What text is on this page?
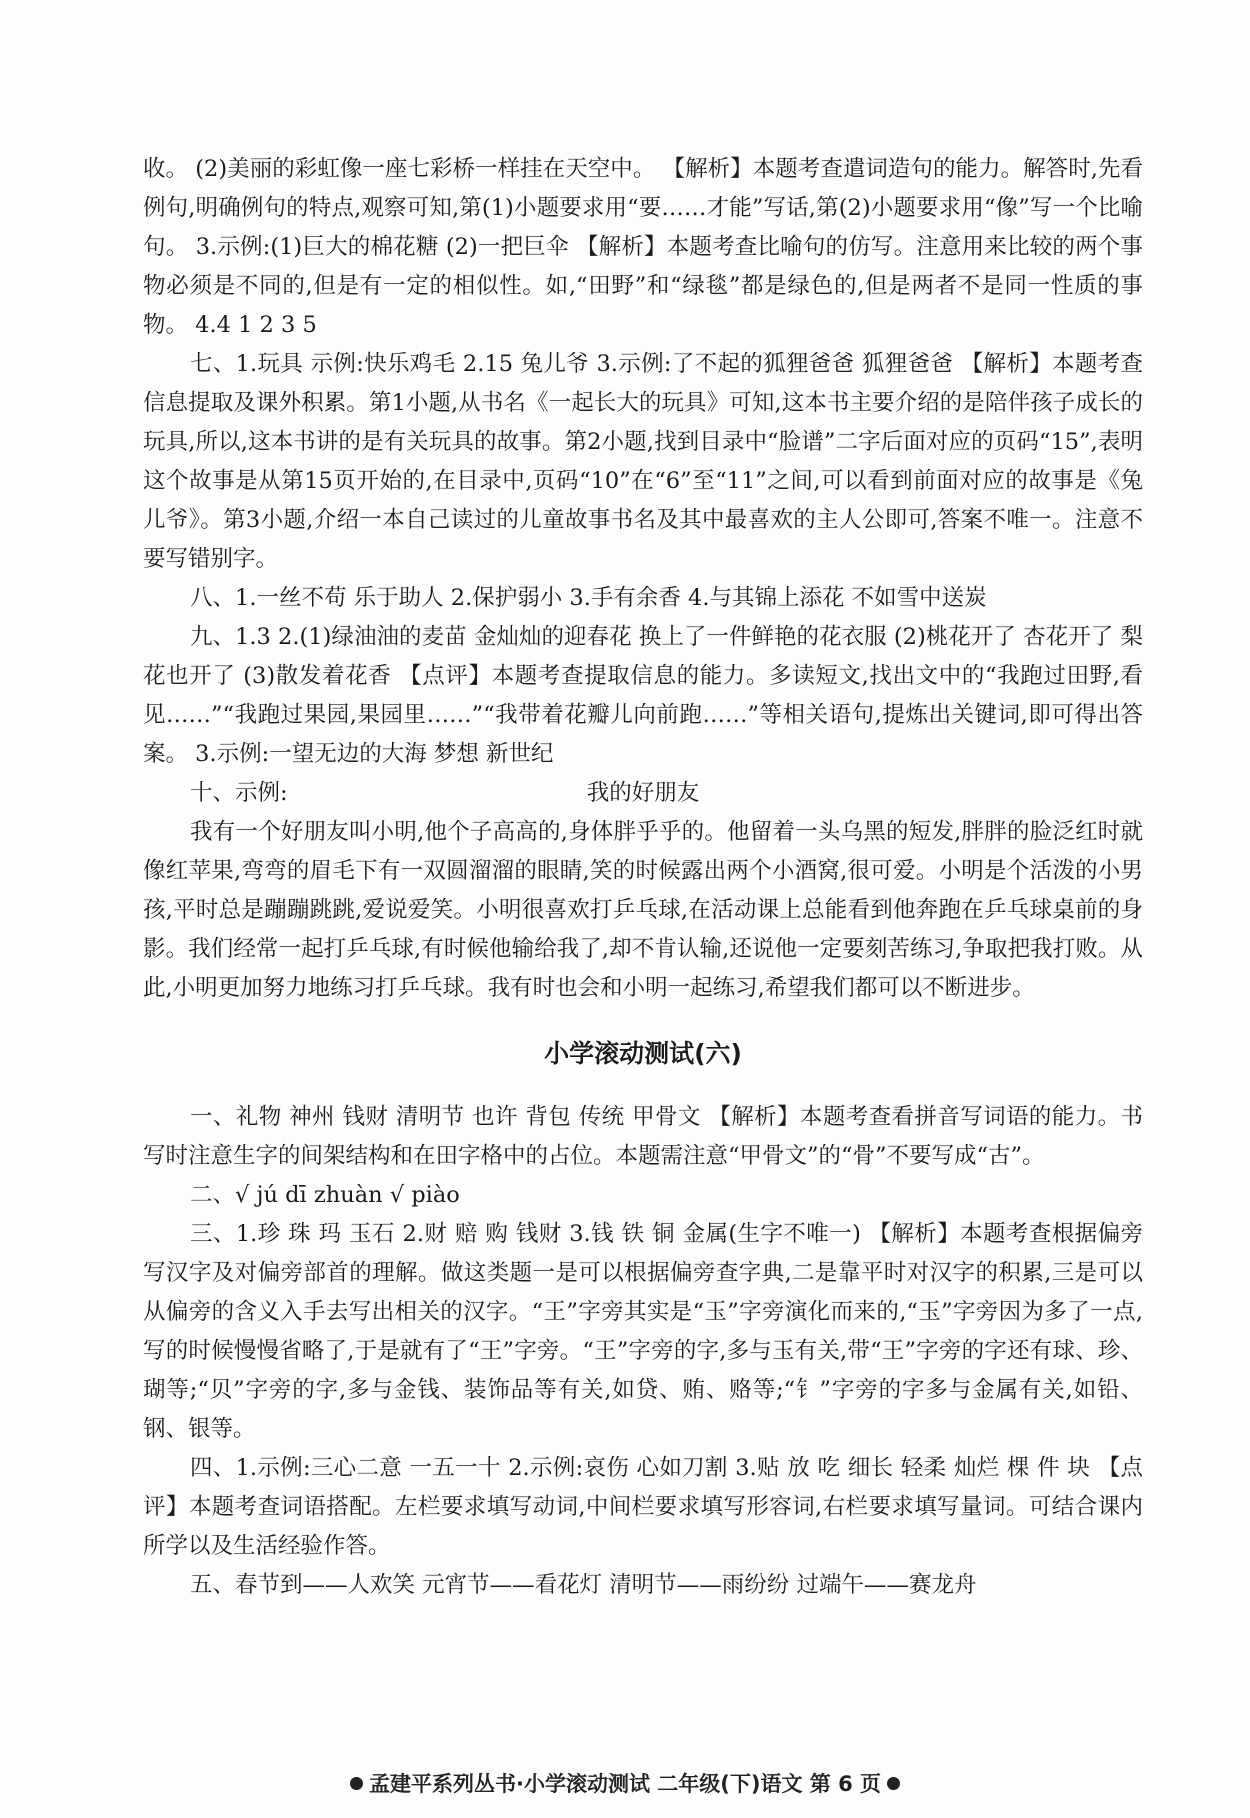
收。 (2)美丽的彩虹像一座七彩桥一样挂在天空中。 【解析】本题考查遣词造句的能力。解答时,先看例句,明确例句的特点,观察可知,第(1)小题要求用“要……才能”写话,第(2)小题要求用“像”写一个比喻句。 3.示例:(1)巨大的棉花糖 (2)一把巨伞 【解析】本题考查比喻句的仿写。注意用来比较的两个事物必须是不同的,但是有一定的相似性。如,“田野”和“绿毯”都是绿色的,但是两者不是同一性质的事物。 4.4 1 2 3 5

七、1.玩具 示例:快乐鸡毛 2.15 兔儿爷 3.示例:了不起的狐狸爸爸 狐狸爸爸 【解析】本题考查信息提取及课外积累。第1小题,从书名《一起长大的玩具》可知,这本书主要介绍的是陪伴孩子成长的玩具,所以,这本书讲的是有关玩具的故事。第2小题,找到目录中“脸谱”二字后面对应的页码“15”,表明这个故事是从第15页开始的,在目录中,页码“10”在“6”至“11”之间,可以看到前面对应的故事是《兔儿爷》。第3小题,介绍一本自己读过的儿童故事书名及其中最喜欢的主人公即可,答案不唯一。注意不要写错别字。

八、1.一丝不苟 乐于助人 2.保护弱小 3.手有余香 4.与其锦上添花 不如雪中送炭

九、1.3 2.(1)绿油油的麦苗 金灿灿的迎春花 换上了一件鲜艳的花衣服 (2)桃花开了 杏花开了 梨花也开了 (3)散发着花香 【点评】本题考查提取信息的能力。多读短文,找出文中的“我跑过田野,看见……”“我跑过果园,果园里……”“我带着花瓣儿向前跑……”等相关语句,提炼出关键词,即可得出答案。 3.示例:一望无边的大海 梦想 新世纪

十、示例:	我的好朋友

我有一个好朋友叫小明,他个子高高的,身体胖乎乎的。他留着一头乌黑的短发,胖胖的脸泛红时就像红苹果,弯弯的眉毛下有一双圆溜溜的眼睛,笑的时候露出两个小酒窝,很可爱。小明是个活泼的小男孩,平时总是蹦蹦跳跳,爱说爱笑。小明很喜欢打乒乓球,在活动课上总能看到他奔跑在乒乓球桌前的身影。我们经常一起打乒乓球,有时候他输给我了,却不肯认输,还说他一定要刻苦练习,争取把我打败。从此,小明更加努力地练习打乒乓球。我有时也会和小明一起练习,希望我们都可以不断进步。

小学滚动测试(六)

一、礼物 神州 钱财 清明节 也许 背包 传统 甲骨文 【解析】本题考查看拼音写词语的能力。书写时注意生字的间架结构和在田字格中的占位。本题需注意“甲骨文”的“骨”不要写成“古”。

二、√ jú dī zhuàn √ piào

三、1.珍 珠 玛 玉石 2.财 赔 购 钱财 3.钱 铁 铜 金属(生字不唯一) 【解析】本题考查根据偏旁写汉字及对偏旁部首的理解。做这类题一是可以根据偏旁查字典,二是靠平时对汉字的积累,三是可以从偏旁的含义入手去写出相关的汉字。“王”字旁其实是“玉”字旁演化而来的,“玉”字旁因为多了一点,写的时候慢慢省略了,于是就有了“王”字旁。“王”字旁的字,多与玉有关,带“王”字旁的字还有球、珍、瑚等;“贝”字旁的字,多与金钱、装饰品等有关,如贷、贿、赂等;“钅”字旁的字多与金属有关,如铅、钢、银等。

四、1.示例:三心二意 一五一十 2.示例:哀伤 心如刀割 3.贴 放 吃 细长 轻柔 灿烂 棵 件 块 【点评】本题考查词语搭配。左栏要求填写动词,中间栏要求填写形容词,右栏要求填写量词。可结合课内所学以及生活经验作答。

五、春节到——人欢笑 元宵节——看花灯 清明节——雨纷纷 过端午——赛龙舟

孟建平系列丛书·小学滚动测试 二年级(下)语文 第 6 页
